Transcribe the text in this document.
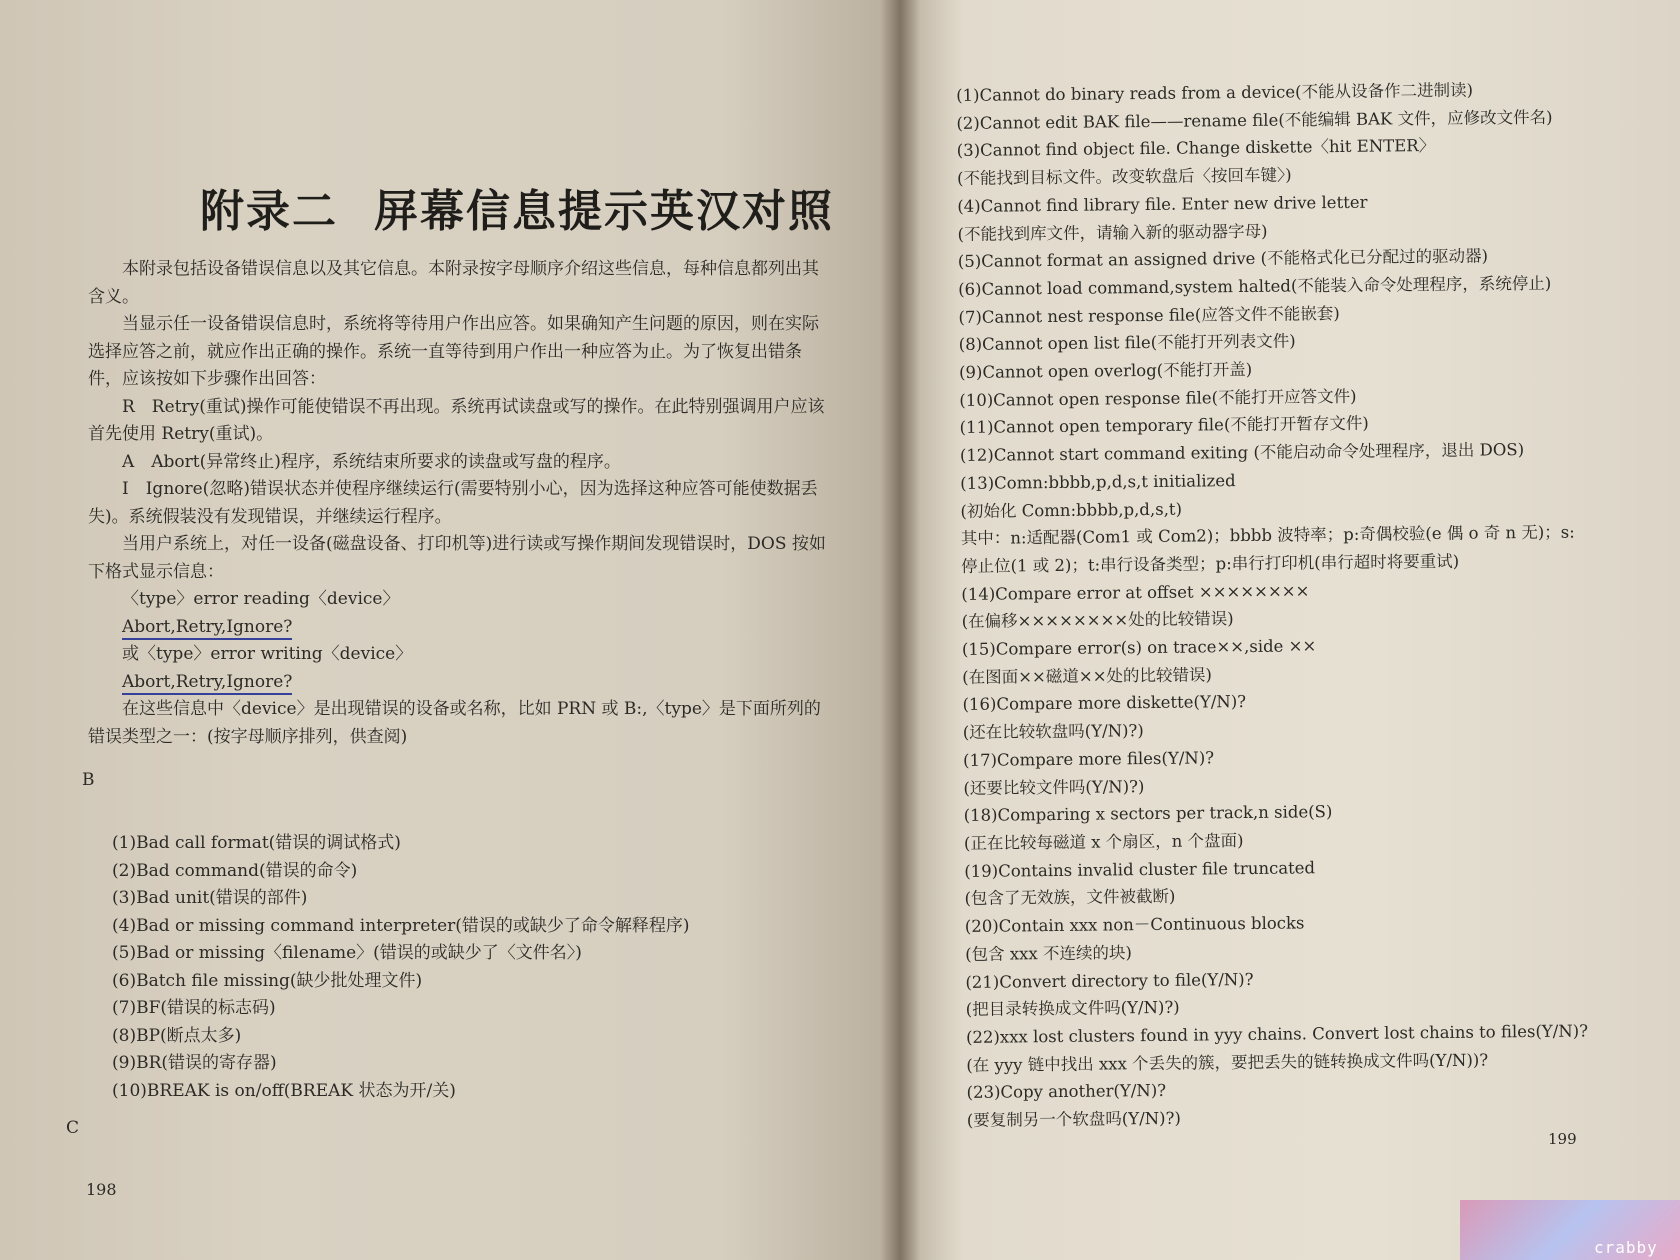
附录二 屏幕信息提示英汉对照

本附录包括设备错误信息以及其它信息。本附录按字母顺序介绍这些信息，每种信息都列出其含义。

当显示任一设备错误信息时，系统将等待用户作出应答。如果确知产生问题的原因，则在实际选择应答之前，就应作出正确的操作。系统一直等待到用户作出一种应答为止。为了恢复出错条件，应该按如下步骤作出回答：

R　Retry(重试)操作可能使错误不再出现。系统再试读盘或写的操作。在此特别强调用户应该首先使用 Retry(重试)。

A　Abort(异常终止)程序，系统结束所要求的读盘或写盘的程序。

I　Ignore(忽略)错误状态并使程序继续运行(需要特别小心，因为选择这种应答可能使数据丢失)。系统假装没有发现错误，并继续运行程序。

当用户系统上，对任一设备(磁盘设备、打印机等)进行读或写操作期间发现错误时，DOS 按如下格式显示信息：

〈type〉error reading〈device〉

Abort,Retry,Ignore?

或〈type〉error writing〈device〉

Abort,Retry,Ignore?

在这些信息中〈device〉是出现错误的设备或名称，比如 PRN 或 B:,〈type〉是下面所列的错误类型之一：(按字母顺序排列，供查阅)

B

(1)Bad call format(错误的调试格式)

(2)Bad command(错误的命令)

(3)Bad unit(错误的部件)

(4)Bad or missing command interpreter(错误的或缺少了命令解释程序)

(5)Bad or missing〈filename〉(错误的或缺少了〈文件名〉)

(6)Batch file missing(缺少批处理文件)

(7)BF(错误的标志码)

(8)BP(断点太多)

(9)BR(错误的寄存器)

(10)BREAK is on/off(BREAK 状态为开/关)

C
198

(1)Cannot do binary reads from a device(不能从设备作二进制读)

(2)Cannot edit BAK file——rename file(不能编辑 BAK 文件，应修改文件名)

(3)Cannot find object file. Change diskette〈hit ENTER〉

(不能找到目标文件。改变软盘后〈按回车键〉)

(4)Cannot find library file. Enter new drive letter

(不能找到库文件，请输入新的驱动器字母)

(5)Cannot format an assigned drive (不能格式化已分配过的驱动器)

(6)Cannot load command,system halted(不能装入命令处理程序，系统停止)

(7)Cannot nest response file(应答文件不能嵌套)

(8)Cannot open list file(不能打开列表文件)

(9)Cannot open overlog(不能打开盖)

(10)Cannot open response file(不能打开应答文件)

(11)Cannot open temporary file(不能打开暂存文件)

(12)Cannot start command exiting (不能启动命令处理程序，退出 DOS)

(13)Comn:bbbb,p,d,s,t initialized

(初始化 Comn:bbbb,p,d,s,t)

其中：n:适配器(Com1 或 Com2)；bbbb 波特率；p:奇偶校验(e 偶 o 奇 n 无)；s:停止位(1 或 2)；t:串行设备类型；p:串行打印机(串行超时将要重试)

(14)Compare error at offset ××××××××

(在偏移××××××××处的比较错误)

(15)Compare error(s) on trace××,side ××

(在图面××磁道××处的比较错误)

(16)Compare more diskette(Y/N)?

(还在比较软盘吗(Y/N)?)

(17)Compare more files(Y/N)?

(还要比较文件吗(Y/N)?)

(18)Comparing x sectors per track,n side(S)

(正在比较每磁道 x 个扇区，n 个盘面)

(19)Contains invalid cluster file truncated

(包含了无效族，文件被截断)

(20)Contain xxx non－Continuous blocks

(包含 xxx 不连续的块)

(21)Convert directory to file(Y/N)?

(把目录转换成文件吗(Y/N)?)

(22)xxx lost clusters found in yyy chains. Convert lost chains to files(Y/N)?

(在 yyy 链中找出 xxx 个丢失的簇，要把丢失的链转换成文件吗(Y/N))?

(23)Copy another(Y/N)?

(要复制另一个软盘吗(Y/N)?)

199
crabby
